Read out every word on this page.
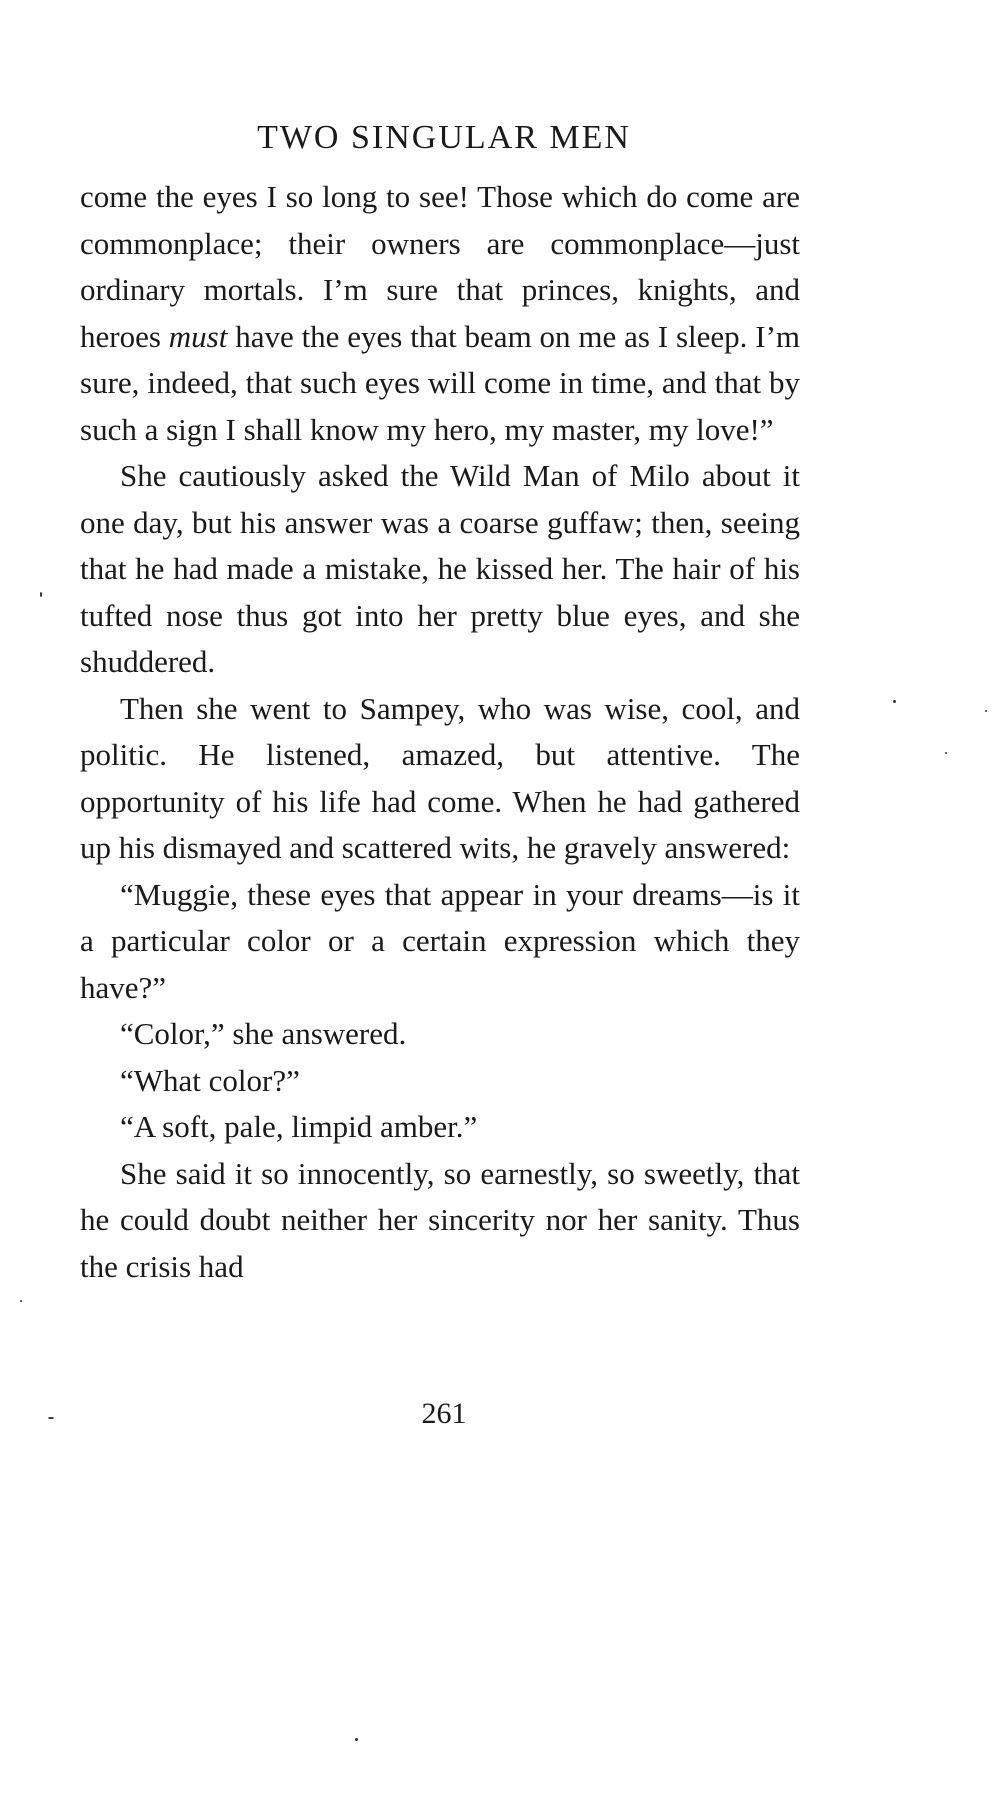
TWO SINGULAR MEN

come the eyes I so long to see! Those which do come are commonplace; their owners are commonplace—just ordinary mortals. I’m sure that princes, knights, and heroes must have the eyes that beam on me as I sleep. I’m sure, indeed, that such eyes will come in time, and that by such a sign I shall know my hero, my master, my love!”

She cautiously asked the Wild Man of Milo about it one day, but his answer was a coarse guffaw; then, seeing that he had made a mistake, he kissed her. The hair of his tufted nose thus got into her pretty blue eyes, and she shuddered.

Then she went to Sampey, who was wise, cool, and politic. He listened, amazed, but attentive. The opportunity of his life had come. When he had gathered up his dismayed and scattered wits, he gravely answered:

“Muggie, these eyes that appear in your dreams—is it a particular color or a certain expression which they have?”

“Color,” she answered.

“What color?”

“A soft, pale, limpid amber.”

She said it so innocently, so earnestly, so sweetly, that he could doubt neither her sincerity nor her sanity. Thus the crisis had

261
